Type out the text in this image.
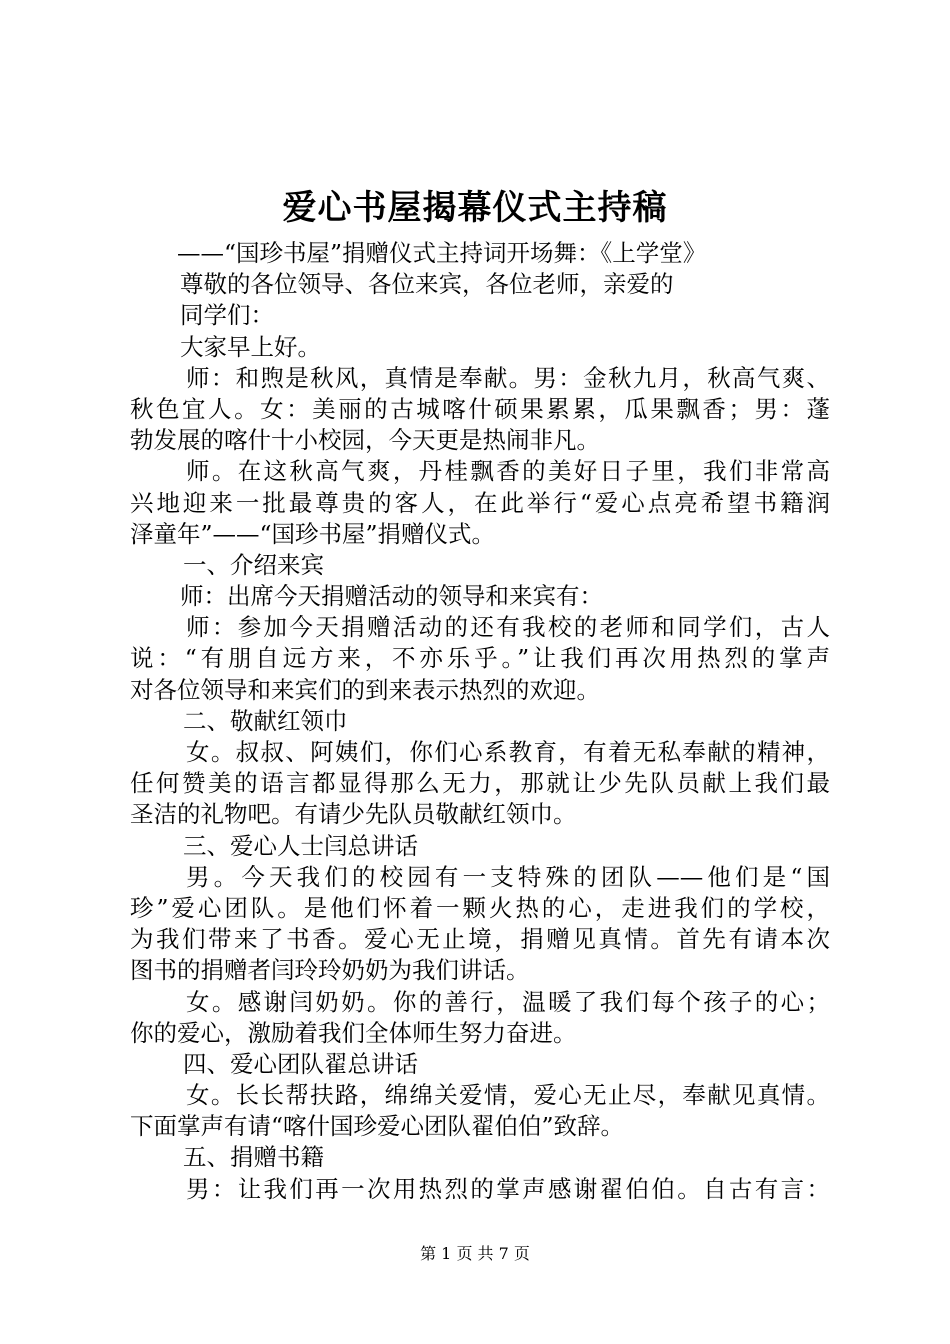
爱心书屋揭幕仪式主持稿
——“国珍书屋”捐赠仪式主持词开场舞：《上学堂》
尊敬的各位领导、各位来宾，各位老师，亲爱的
同学们：
大家早上好。
师：和煦是秋风，真情是奉献。男：金秋九月，秋高气爽、
秋色宜人。女：美丽的古城喀什硕果累累，瓜果飘香；男：蓬
勃发展的喀什十小校园，今天更是热闹非凡。
师。在这秋高气爽，丹桂飘香的美好日子里，我们非常高
兴地迎来一批最尊贵的客人，在此举行“爱心点亮希望书籍润
泽童年”——“国珍书屋”捐赠仪式。
一、介绍来宾
师：出席今天捐赠活动的领导和来宾有：
师：参加今天捐赠活动的还有我校的老师和同学们，古人
说：“有朋自远方来，不亦乐乎。”让我们再次用热烈的掌声
对各位领导和来宾们的到来表示热烈的欢迎。
二、敬献红领巾
女。叔叔、阿姨们，你们心系教育，有着无私奉献的精神，
任何赞美的语言都显得那么无力，那就让少先队员献上我们最
圣洁的礼物吧。有请少先队员敬献红领巾。
三、爱心人士闫总讲话
男。今天我们的校园有一支特殊的团队——他们是“国
珍”爱心团队。是他们怀着一颗火热的心，走进我们的学校，
为我们带来了书香。爱心无止境，捐赠见真情。首先有请本次
图书的捐赠者闫玲玲奶奶为我们讲话。
女。感谢闫奶奶。你的善行，温暖了我们每个孩子的心；
你的爱心，激励着我们全体师生努力奋进。
四、爱心团队翟总讲话
女。长长帮扶路，绵绵关爱情，爱心无止尽，奉献见真情。
下面掌声有请“喀什国珍爱心团队翟伯伯”致辞。
五、捐赠书籍
男：让我们再一次用热烈的掌声感谢翟伯伯。自古有言：
第 1 页 共 7 页
